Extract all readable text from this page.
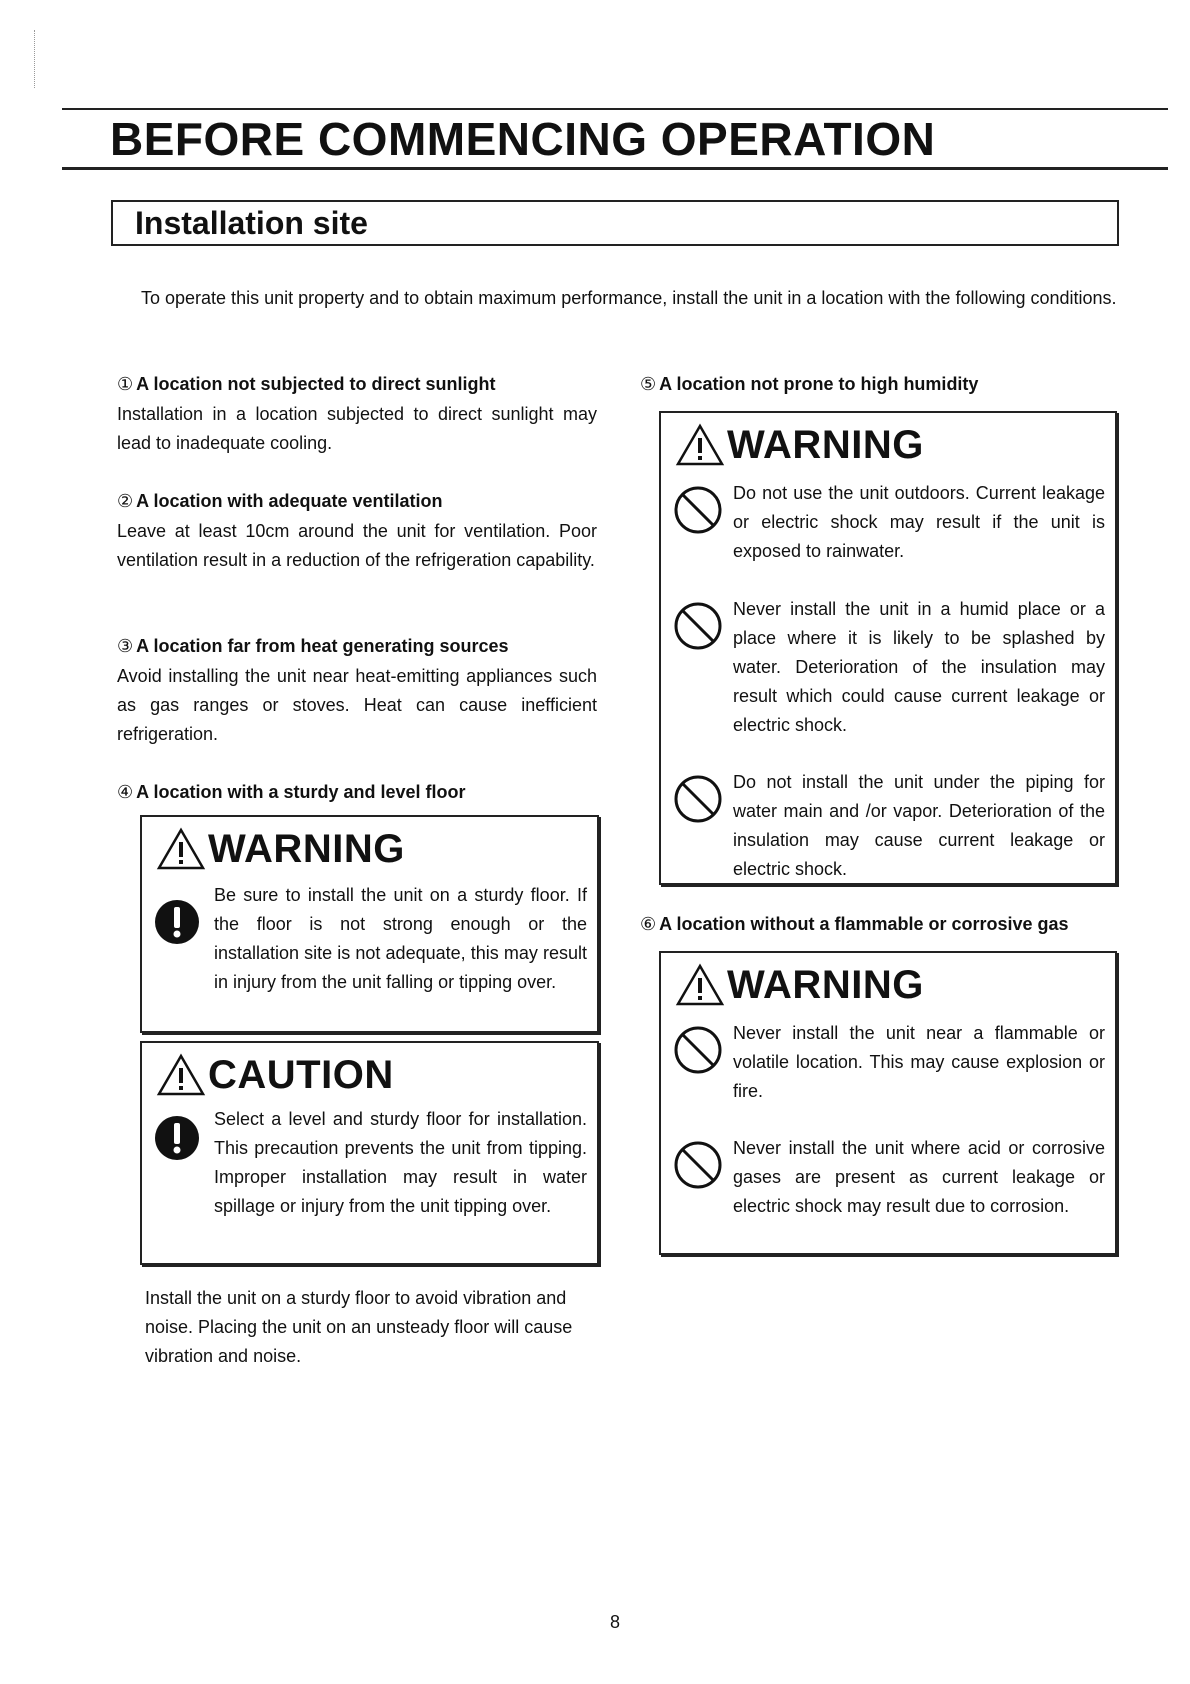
BEFORE COMMENCING OPERATION
Installation site
To operate this unit property and to obtain maximum performance, install the unit in a location with the following conditions.
① A location not subjected to direct sunlight
Installation in a location subjected to direct sunlight may lead to inadequate cooling.
② A location with adequate ventilation
Leave at least 10cm around the unit for ventilation. Poor ventilation result in a reduction of the refrigeration capability.
③ A location far from heat generating sources
Avoid installing the unit near heat-emitting appliances such as gas ranges or stoves. Heat can cause inefficient refrigeration.
④ A location with a sturdy and level floor
WARNING
Be sure to install the unit on a sturdy floor. If the floor is not strong enough or the installation site is not adequate, this may result in injury from the unit falling or tipping over.
CAUTION
Select a level and sturdy floor for installation. This precaution prevents the unit from tipping. Improper installation may result in water spillage or injury from the unit tipping over.
Install the unit on a sturdy floor to avoid vibration and noise. Placing the unit on an unsteady floor will cause vibration and noise.
⑤ A location not prone to high humidity
WARNING
Do not use the unit outdoors. Current leakage or electric shock may result if the unit is exposed to rainwater.
Never install the unit in a humid place or a place where it is likely to be splashed by water. Deterioration of the insulation may result which could cause current leakage or electric shock.
Do not install the unit under the piping for water main and /or vapor. Deterioration of the insulation may cause current leakage or electric shock.
⑥ A location without a flammable or corrosive gas
WARNING
Never install the unit near a flammable or volatile location. This may cause explosion or fire.
Never install the unit where acid or corrosive gases are present as current leakage or electric shock may result due to corrosion.
8
